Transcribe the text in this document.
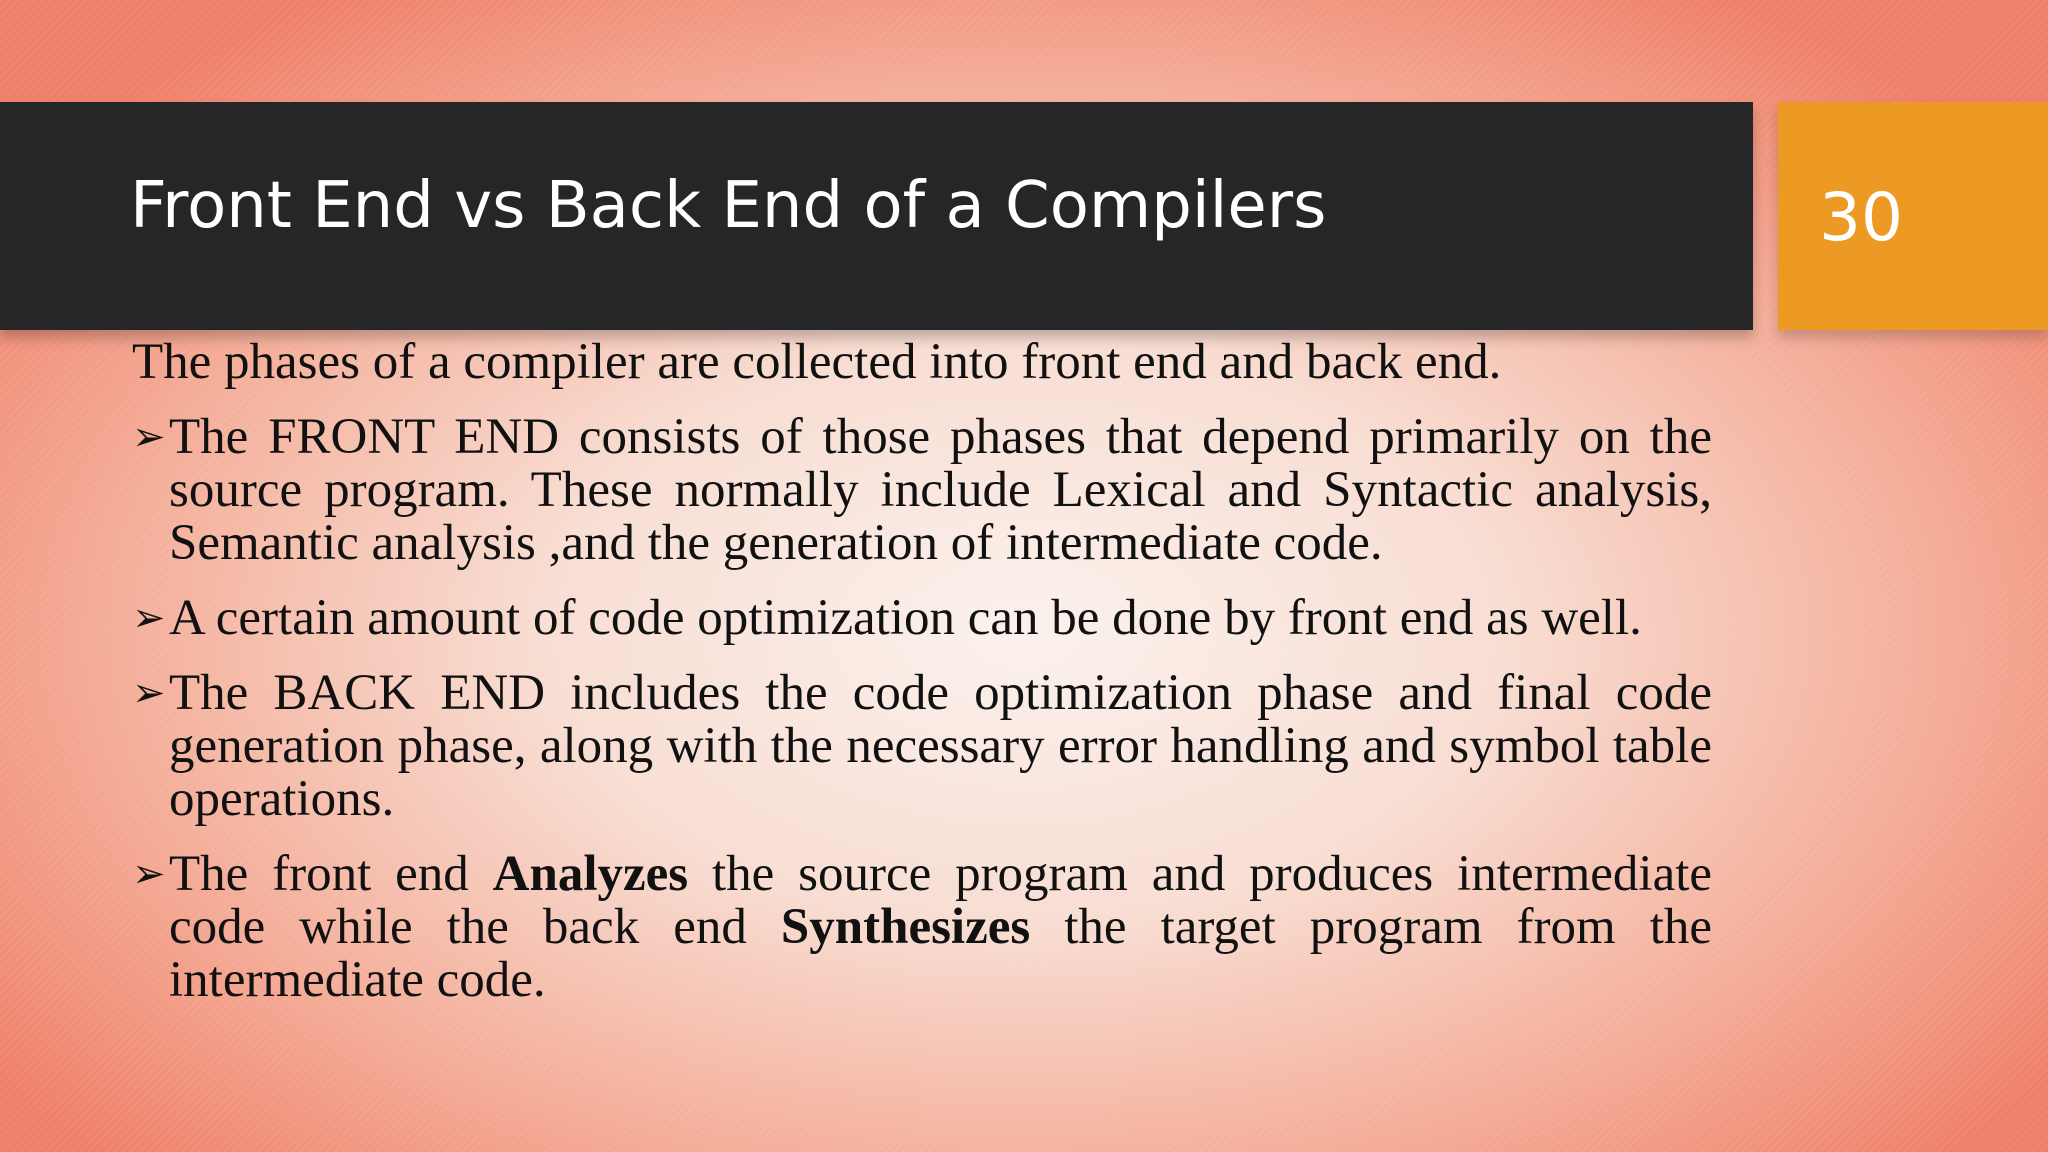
Front End vs Back End of a Compilers	30

The phases of a compiler are collected into front end and back end.

➢ The FRONT END consists of those phases that depend primarily on the source program. These normally include Lexical and Syntactic analysis, Semantic analysis ,and the generation of intermediate code.
➢ A certain amount of code optimization can be done by front end as well.
➢ The BACK END includes the code optimization phase and final code generation phase, along with the necessary error handling and symbol table operations.
➢ The front end Analyzes the source program and produces intermediate code while the back end Synthesizes the target program from the intermediate code.
